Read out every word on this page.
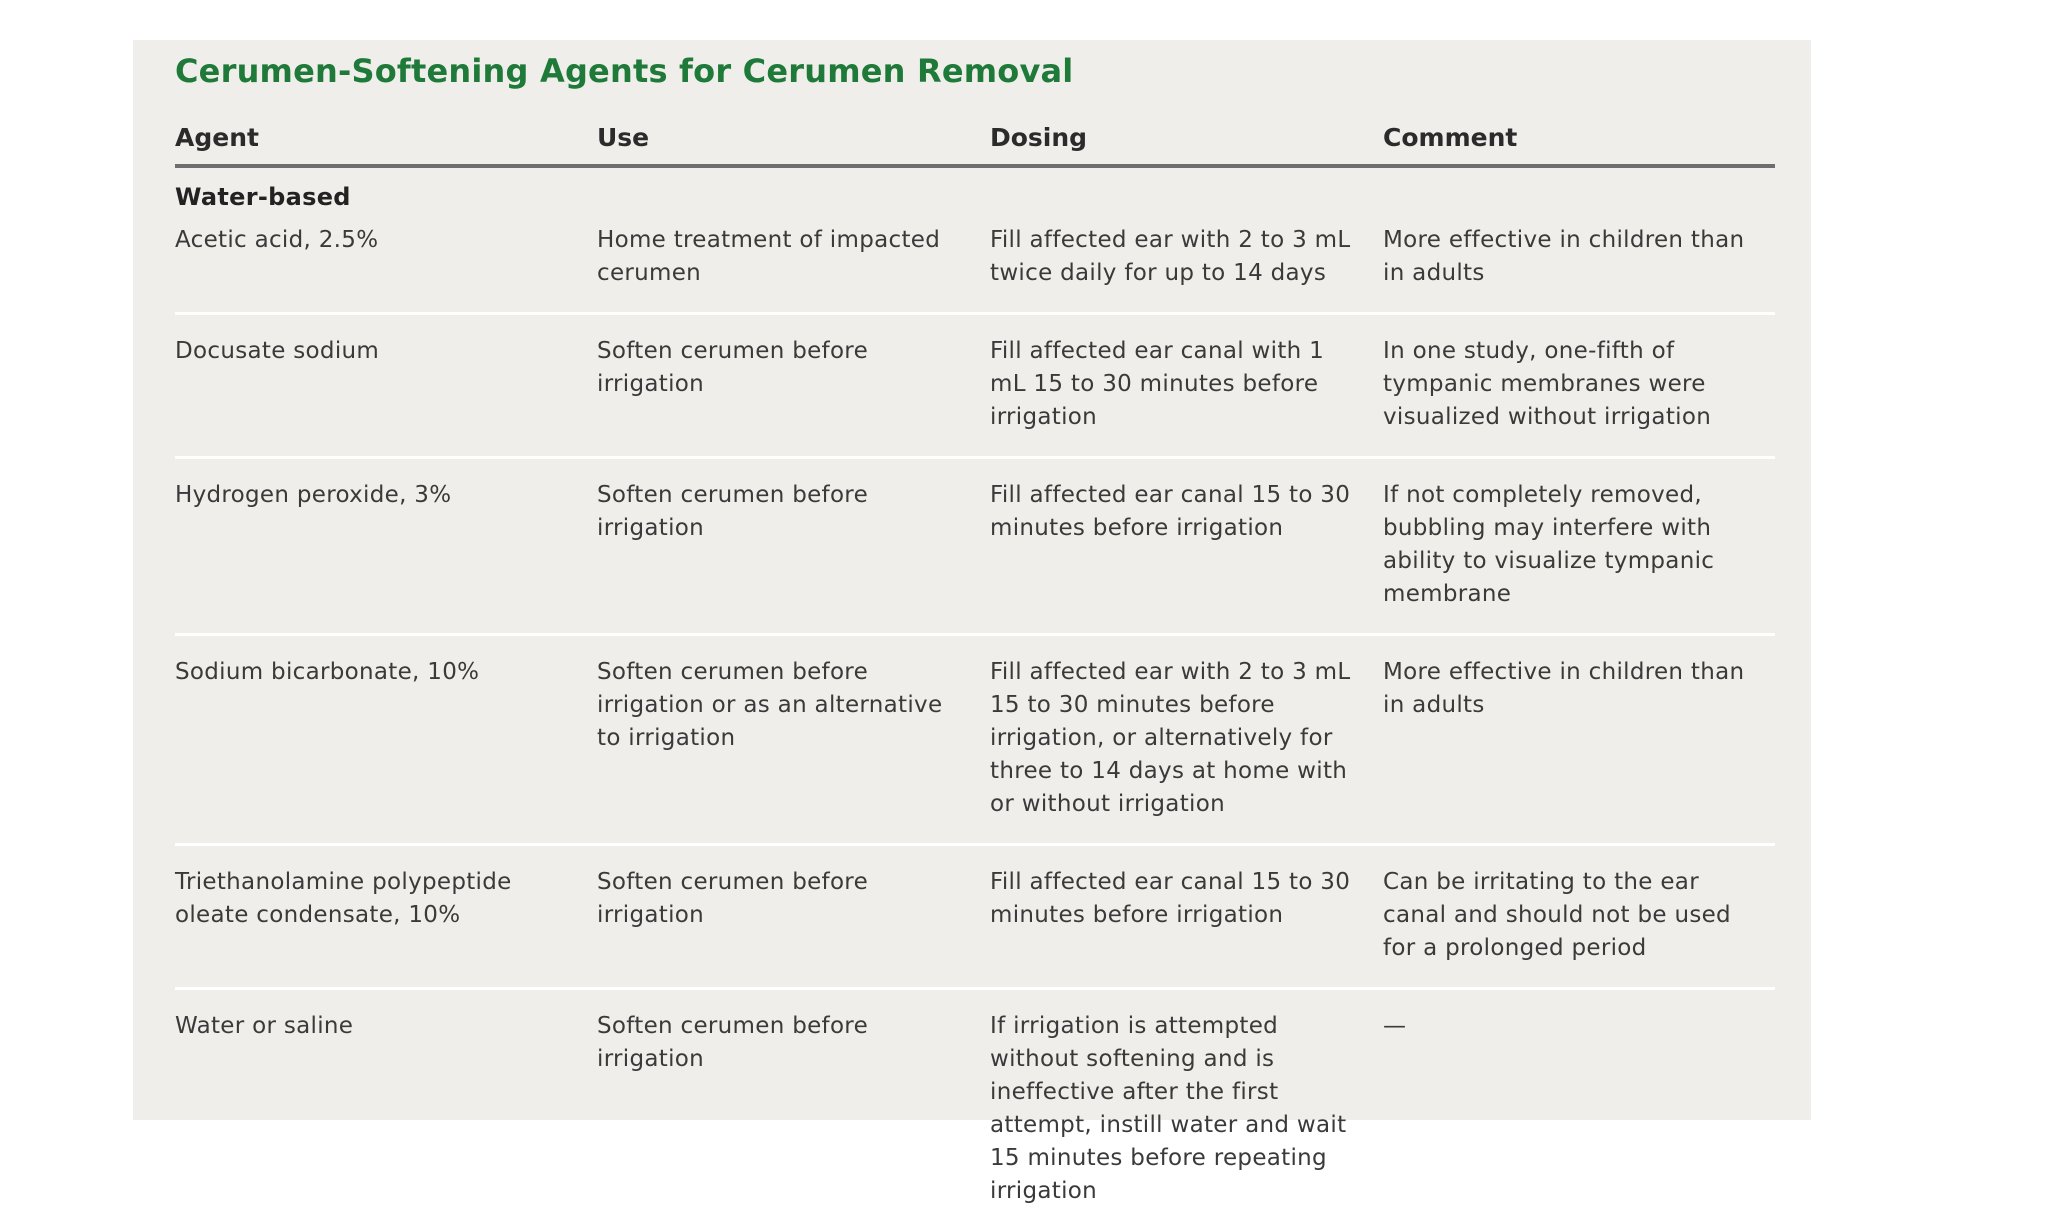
Cerumen-Softening Agents for Cerumen Removal
Agent	Use	Dosing	Comment
Water-based			
Acetic acid, 2.5%	Home treatment of impacted cerumen	Fill affected ear with 2 to 3 mL twice daily for up to 14 days	More effective in children than in adults
Docusate sodium	Soften cerumen before irrigation	Fill affected ear canal with 1 mL 15 to 30 minutes before irrigation	In one study, one-fifth of tympanic membranes were visualized without irrigation
Hydrogen peroxide, 3%	Soften cerumen before irrigation	Fill affected ear canal 15 to 30 minutes before irrigation	If not completely removed, bubbling may interfere with ability to visualize tympanic membrane
Sodium bicarbonate, 10%	Soften cerumen before irrigation or as an alternative to irrigation	Fill affected ear with 2 to 3 mL 15 to 30 minutes before irrigation, or alternatively for three to 14 days at home with or without irrigation	More effective in children than in adults
Triethanolamine polypeptide oleate condensate, 10%	Soften cerumen before irrigation	Fill affected ear canal 15 to 30 minutes before irrigation	Can be irritating to the ear canal and should not be used for a prolonged period
Water or saline	Soften cerumen before irrigation	If irrigation is attempted without softening and is ineffective after the first attempt, instill water and wait 15 minutes before repeating irrigation	—
